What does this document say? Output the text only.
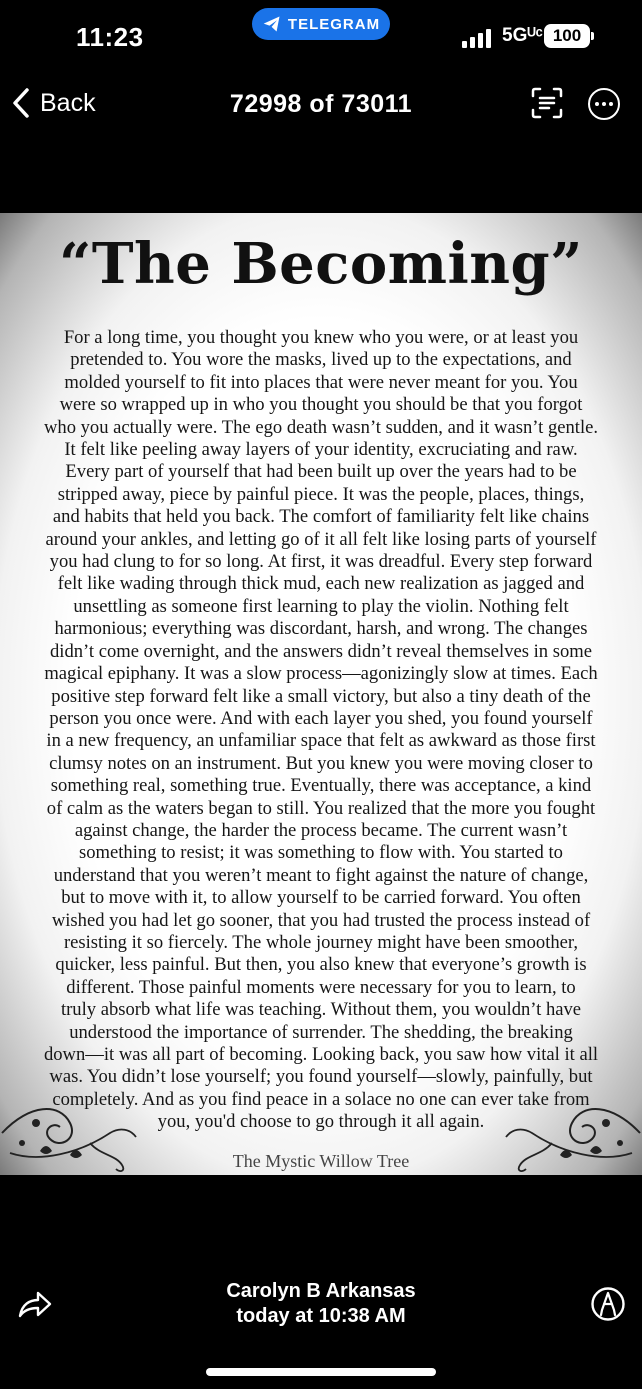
11:23	TELEGRAM
5Gᵁᶜ 100
Back	72998 of 73011
“The Becoming”
For a long time, you thought you knew who you were, or at least you
pretended to. You wore the masks, lived up to the expectations, and
molded yourself to fit into places that were never meant for you. You
were so wrapped up in who you thought you should be that you forgot
who you actually were. The ego death wasn’t sudden, and it wasn’t gentle.
It felt like peeling away layers of your identity, excruciating and raw.
Every part of yourself that had been built up over the years had to be
stripped away, piece by painful piece. It was the people, places, things,
and habits that held you back. The comfort of familiarity felt like chains
around your ankles, and letting go of it all felt like losing parts of yourself
you had clung to for so long. At first, it was dreadful. Every step forward
felt like wading through thick mud, each new realization as jagged and
unsettling as someone first learning to play the violin. Nothing felt
harmonious; everything was discordant, harsh, and wrong. The changes
didn’t come overnight, and the answers didn’t reveal themselves in some
magical epiphany. It was a slow process—agonizingly slow at times. Each
positive step forward felt like a small victory, but also a tiny death of the
person you once were. And with each layer you shed, you found yourself
in a new frequency, an unfamiliar space that felt as awkward as those first
clumsy notes on an instrument. But you knew you were moving closer to
something real, something true. Eventually, there was acceptance, a kind
of calm as the waters began to still. You realized that the more you fought
against change, the harder the process became. The current wasn’t
something to resist; it was something to flow with. You started to
understand that you weren’t meant to fight against the nature of change,
but to move with it, to allow yourself to be carried forward. You often
wished you had let go sooner, that you had trusted the process instead of
resisting it so fiercely. The whole journey might have been smoother,
quicker, less painful. But then, you also knew that everyone’s growth is
different. Those painful moments were necessary for you to learn, to
truly absorb what life was teaching. Without them, you wouldn’t have
understood the importance of surrender. The shedding, the breaking
down—it was all part of becoming. Looking back, you saw how vital it all
was. You didn’t lose yourself; you found yourself—slowly, painfully, but
completely. And as you find peace in a solace no one can ever take from
you, you'd choose to go through it all again.
The Mystic Willow Tree
Carolyn B Arkansas
today at 10:38 AM
